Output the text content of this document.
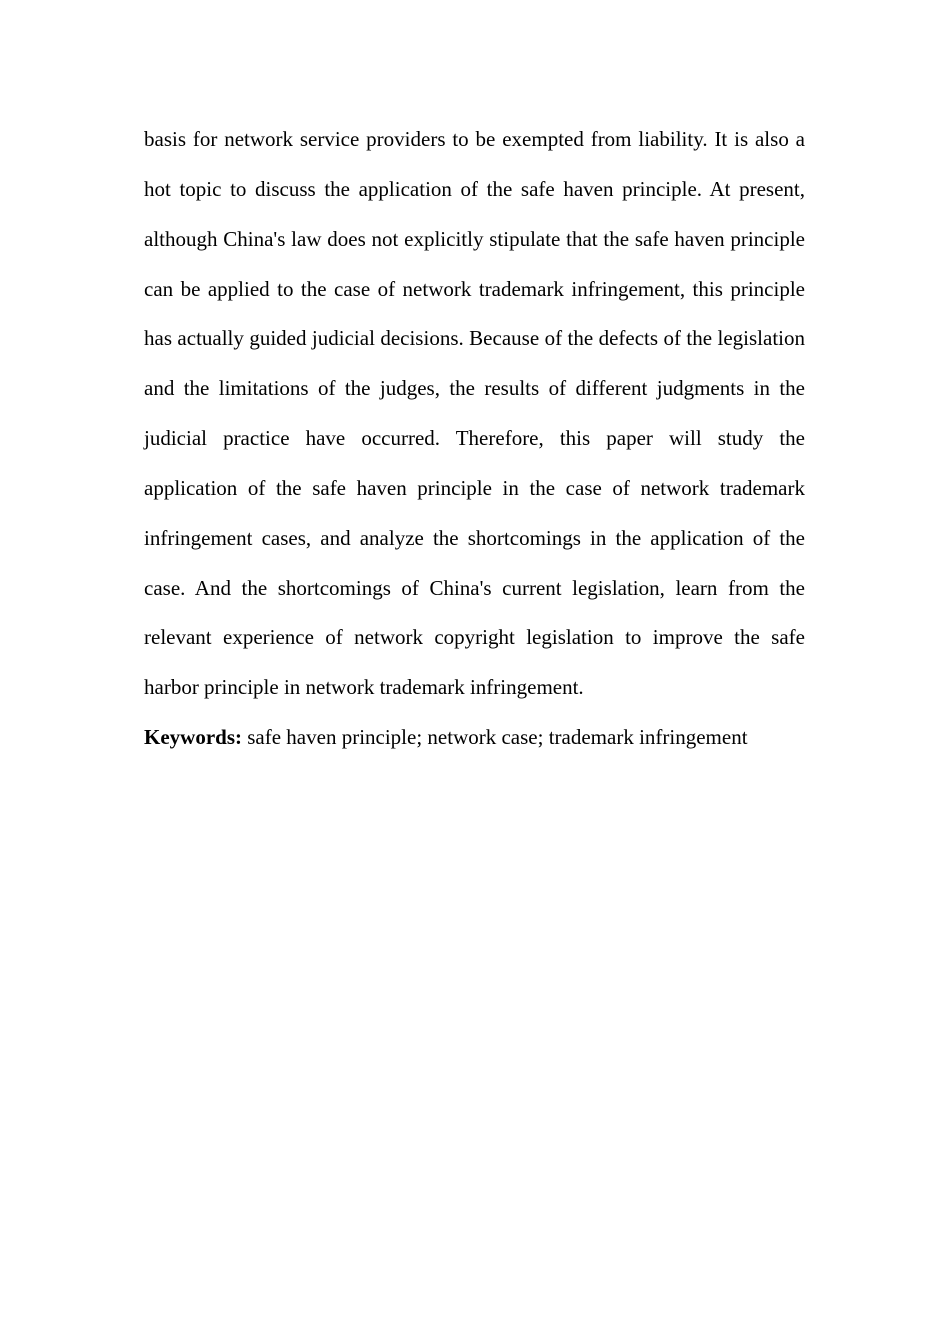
basis for network service providers to be exempted from liability. It is also a hot topic to discuss the application of the safe haven principle. At present, although China's law does not explicitly stipulate that the safe haven principle can be applied to the case of network trademark infringement, this principle has actually guided judicial decisions. Because of the defects of the legislation and the limitations of the judges, the results of different judgments in the judicial practice have occurred. Therefore, this paper will study the application of the safe haven principle in the case of network trademark infringement cases, and analyze the shortcomings in the application of the case. And the shortcomings of China's current legislation, learn from the relevant experience of network copyright legislation to improve the safe harbor principle in network trademark infringement.

Keywords: safe haven principle; network case; trademark infringement
